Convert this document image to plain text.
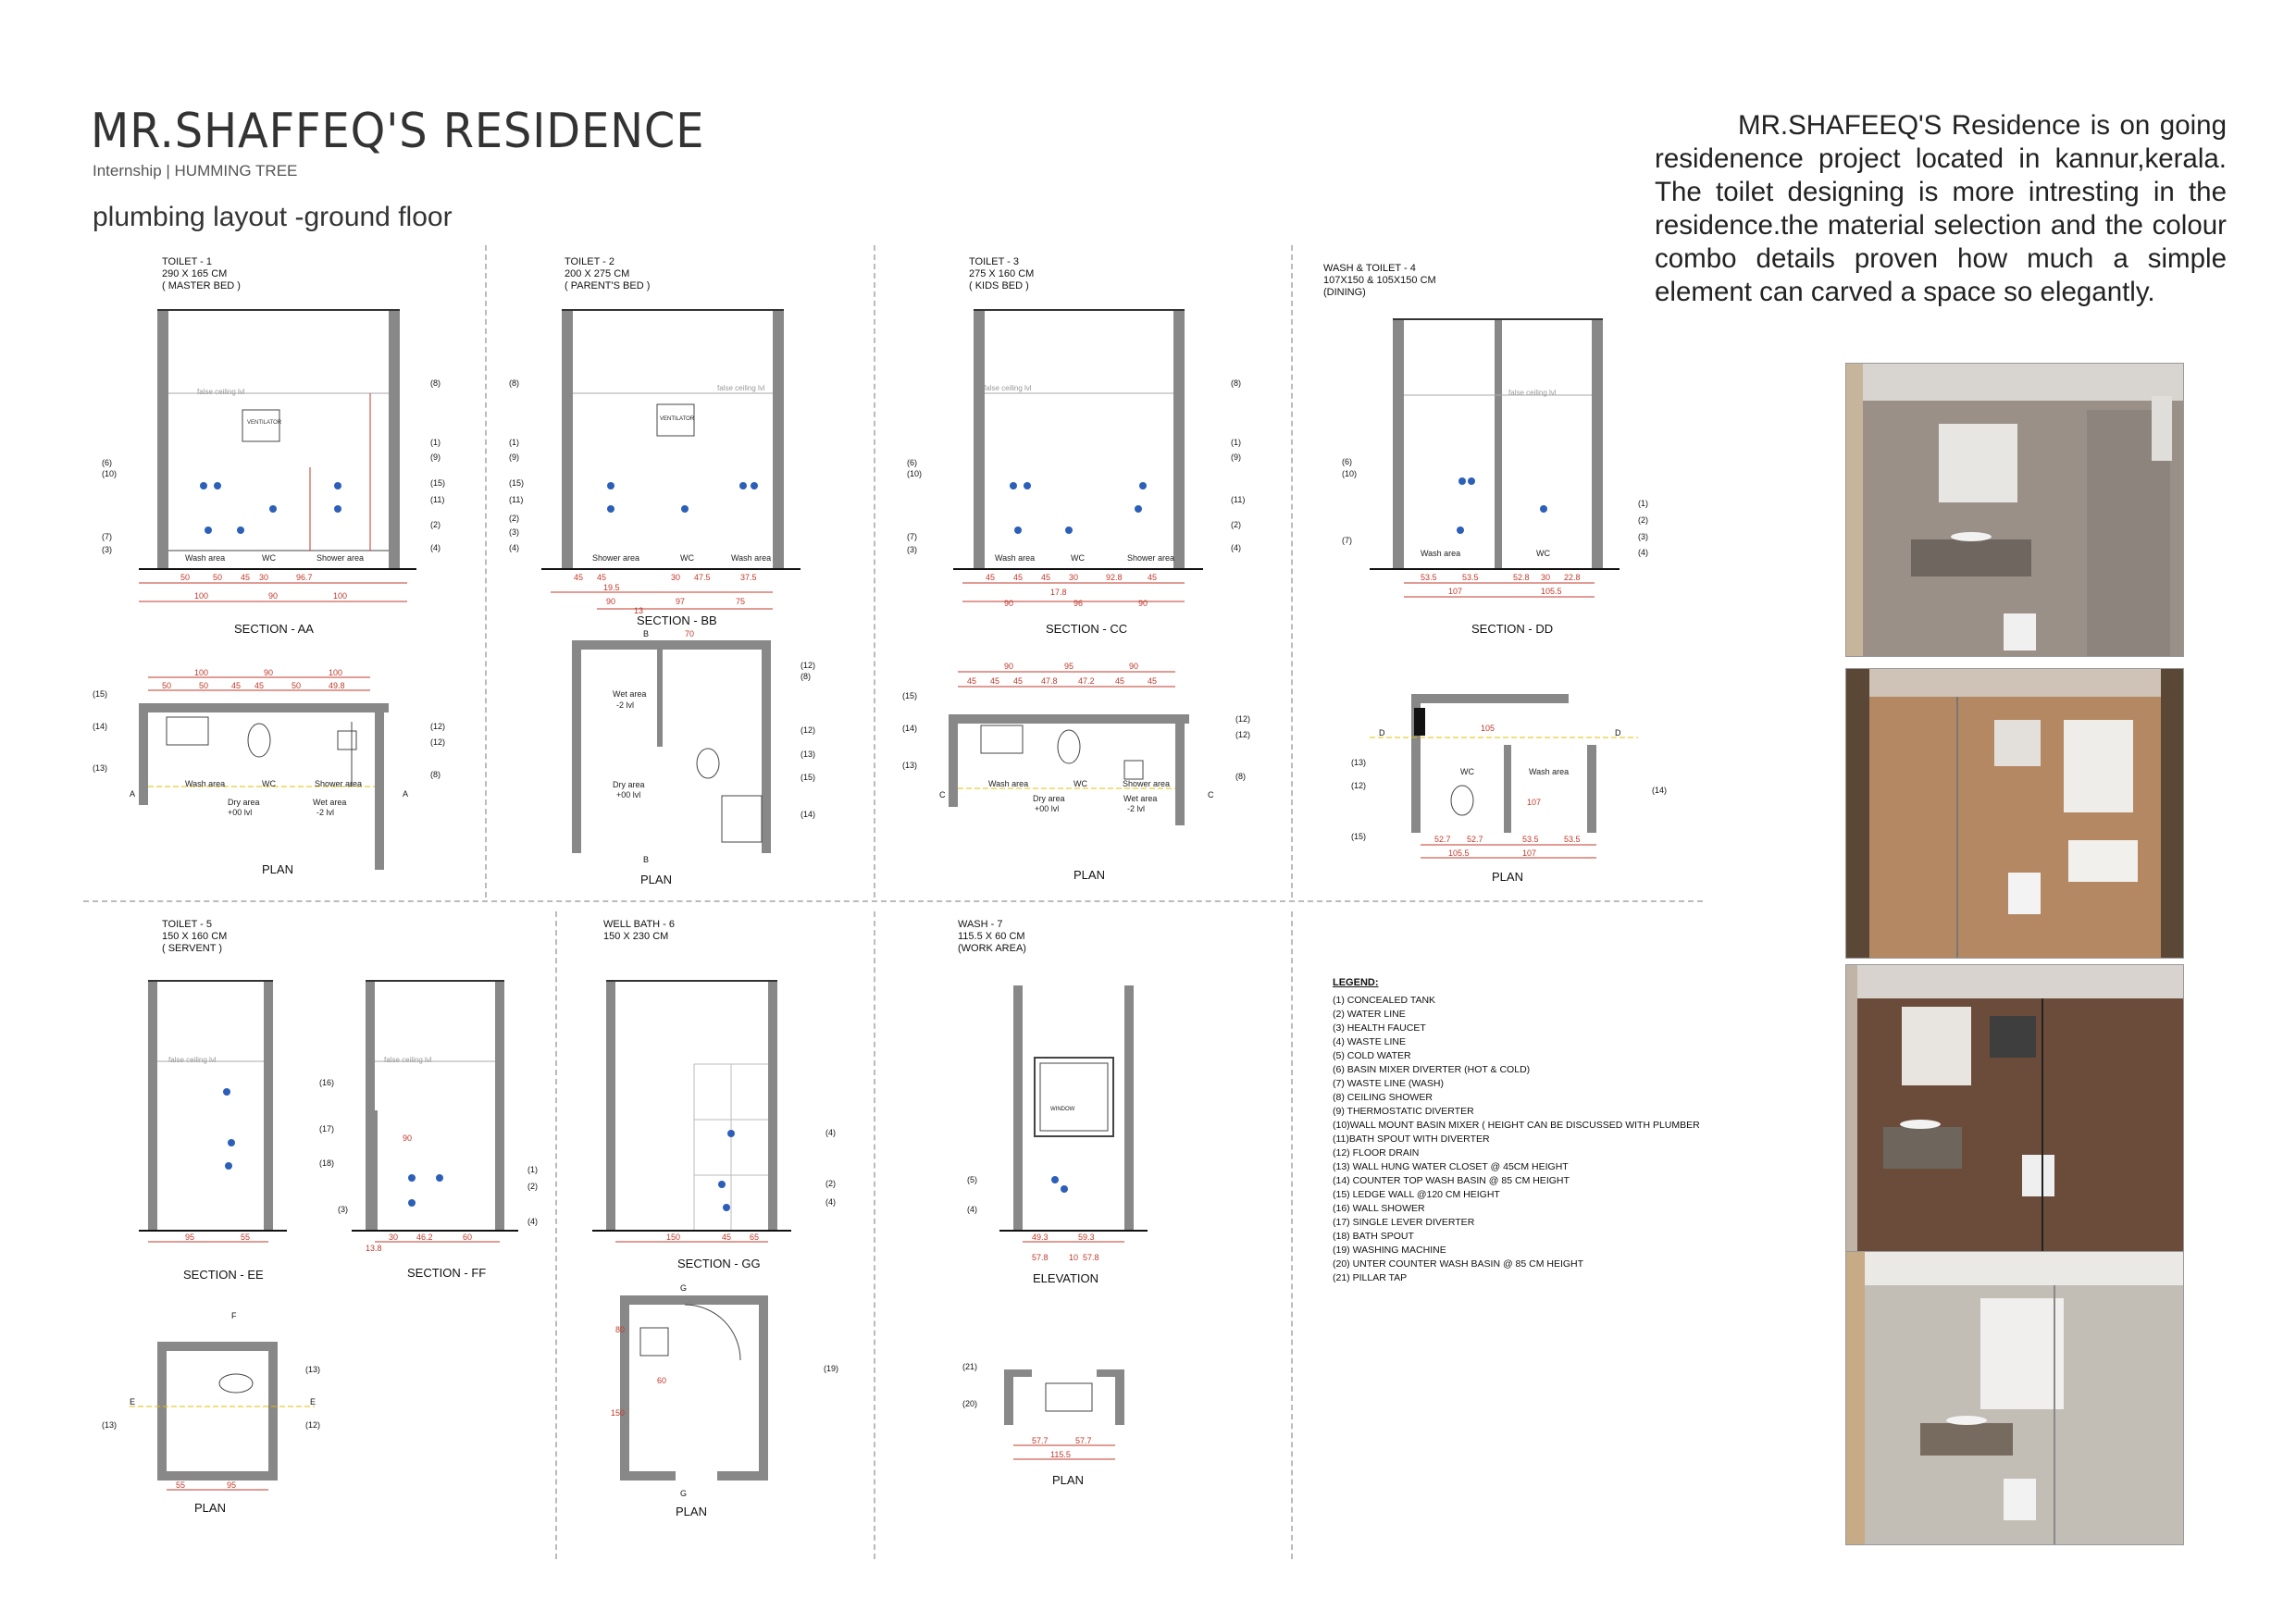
MR.SHAFFEQ'S RESIDENCE
Internship | HUMMING TREE
plumbing layout -ground floor
MR.SHAFEEQ'S Residence is on going residenence project located in kannur,kerala. The toilet designing is more intresting in the residence.the material selection and the colour combo details proven how much a simple element can carved a space so elegantly.
TOILET - 1
290 X 165 CM
( MASTER BED )
50	50 45 30	96.7
100	90	100
(6)
(10)
(7)
(3)
(8)
(1)
(9)
(15)
(11)
(2)
(4)
false ceiling lvl
VENTILATOR
Wash area	WC	Shower area
SECTION - AA
100	90	100
50	50	45 45	50	49.8
(15)
(14)
(13)
(12)
(12)
(8)
A	A
Wash area	WC	Shower area
Dry area
+00 lvl
Wet area
-2 lvl
PLAN
TOILET - 2
200 X 275 CM
( PARENT'S BED )
45 45	30 47.5	37.5
19.5
90	97	75
13
(8)
(1)
(9)
(15)
(11)
(2)
(3)
(4)
false ceiling lvl
VENTILATOR
Shower area	WC	Wash area
SECTION - BB
(12)
(8)
(12)
(13)
(15)
(14)
B
B
70
Wet area
-2 lvl
Dry area
+00 lvl
PLAN
TOILET - 3
275 X 160 CM
( KIDS BED )
45 45 45 30	92.8	45
17.8
90	96	90
(6)
(10)
(7)
(3)
(8)
(1)
(9)
(11)
(2)
(4)
false ceiling lvl
Wash area	WC	Shower area
SECTION - CC
90	95	90
45 45 45 47.8 47.2 45	45
(15)
(14)
(13)
(12)
(12)
(8)
C	C
Wash area	WC	Shower area
Dry area
+00 lvl
Wet area
-2 lvl
PLAN
WASH & TOILET - 4
107X150 & 105X150 CM
(DINING)
53.5	53.5	52.8 30 22.8
107	105.5
(6)
(10)
(7)
(1)
(2)
(3)
(4)
false ceiling lvl
Wash area	WC
SECTION - DD
52.7 52.7	53.5	53.5
105.5	107
105
107
(13)
(12)
(15)
(14)
D	D
WC	Wash area
PLAN
TOILET - 5
150 X 160 CM
( SERVENT )
95	55
(16)
(17)
(18)
false ceiling lvl
SECTION - EE
90
30 46.2	60
13.8
(1)
(2)
(4)
(3)
false ceiling lvl
SECTION - FF
55	95
(13)
(13)	(12)
F
E	E
PLAN
WELL BATH - 6
150 X 230 CM
150	45 65
(4)
(2)
(4)
SECTION - GG
60
150
80
(19)
G
G
PLAN
WASH - 7
115.5 X 60 CM
(WORK AREA)
49.3	59.3
57.8 10 57.8
(5)
(4)
WINDOW
ELEVATION
57.7	57.7
115.5
(21)
(20)
PLAN
LEGEND:
(1) CONCEALED TANK
(2) WATER LINE
(3) HEALTH FAUCET
(4) WASTE LINE
(5) COLD WATER
(6) BASIN MIXER DIVERTER (HOT & COLD)
(7) WASTE LINE (WASH)
(8) CEILING SHOWER
(9) THERMOSTATIC DIVERTER
(10)WALL MOUNT BASIN MIXER ( HEIGHT CAN BE DISCUSSED WITH PLUMBER
(11)BATH SPOUT WITH DIVERTER
(12) FLOOR DRAIN
(13) WALL HUNG WATER CLOSET @ 45CM HEIGHT
(14) COUNTER TOP WASH BASIN @ 85 CM HEIGHT
(15) LEDGE WALL @120 CM HEIGHT
(16) WALL SHOWER
(17) SINGLE LEVER DIVERTER
(18) BATH SPOUT
(19) WASHING MACHINE
(20) UNTER COUNTER WASH BASIN @ 85 CM HEIGHT
(21) PILLAR TAP
